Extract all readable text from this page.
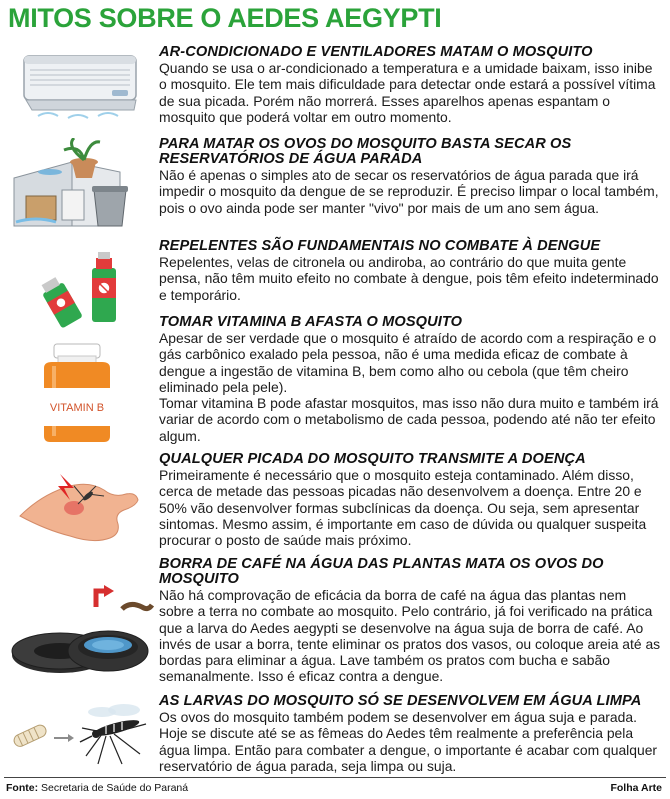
MITOS SOBRE O AEDES AEGYPTI
AR-CONDICIONADO E VENTILADORES MATAM O MOSQUITO

Quando se usa o ar-condicionado a temperatura e a umidade baixam, isso inibe o mosquito. Ele tem mais dificuldade para detectar onde estará a possível vítima de sua picada. Porém não morrerá. Esses aparelhos apenas espantam o mosquito que poderá voltar em outro momento.

PARA MATAR OS OVOS DO MOSQUITO BASTA SECAR OS RESERVATÓRIOS DE ÁGUA PARADA

Não é apenas o simples ato de secar os reservatórios de água parada que irá impedir o mosquito da dengue de se reproduzir. É preciso limpar o local também, pois o ovo ainda pode ser manter "vivo" por mais de um ano sem água.

REPELENTES SÃO FUNDAMENTAIS NO COMBATE À DENGUE

Repelentes, velas de citronela ou andiroba, ao contrário do que muita gente pensa, não têm muito efeito no combate à dengue, pois têm efeito indeterminado e temporário.

TOMAR VITAMINA B AFASTA O MOSQUITO

Apesar de ser verdade que o mosquito é atraído de acordo com a respiração e o gás carbônico exalado pela pessoa, não é uma medida eficaz de combate à dengue a ingestão de vitamina B, bem como alho ou cebola (que têm cheiro eliminado pela pele).

Tomar vitamina B pode afastar mosquitos, mas isso não dura muito e também irá variar de acordo com o metabolismo de cada pessoa, podendo até não ter efeito algum.

QUALQUER PICADA DO MOSQUITO TRANSMITE A DOENÇA

Primeiramente é necessário que o mosquito esteja contaminado. Além disso, cerca de metade das pessoas picadas não desenvolvem a doença. Entre 20 e 50% vão desenvolver formas subclínicas da doença. Ou seja, sem apresentar sintomas. Mesmo assim, é importante em caso de dúvida ou qualquer suspeita procurar o posto de saúde mais próximo.

BORRA DE CAFÉ NA ÁGUA DAS PLANTAS MATA OS OVOS DO MOSQUITO

Não há comprovação de eficácia da borra de café na água das plantas nem sobre a terra no combate ao mosquito. Pelo contrário, já foi verificado na prática que a larva do Aedes aegypti se desenvolve na água suja de borra de café. Ao invés de usar a borra, tente eliminar os pratos dos vasos, ou coloque areia até as bordas para eliminar a água. Lave também os pratos com bucha e sabão semanalmente. Isso é eficaz contra a dengue.

AS LARVAS DO MOSQUITO SÓ SE DESENVOLVEM EM ÁGUA LIMPA

Os ovos do mosquito também podem se desenvolver em água suja e parada. Hoje se discute até se as fêmeas do Aedes têm realmente a preferência pela água limpa. Então para combater a dengue, o importante é acabar com qualquer reservatório de água parada, seja limpa ou suja.

VITAMIN B
Fonte: Secretaria de Saúde do Paraná	Folha Arte
